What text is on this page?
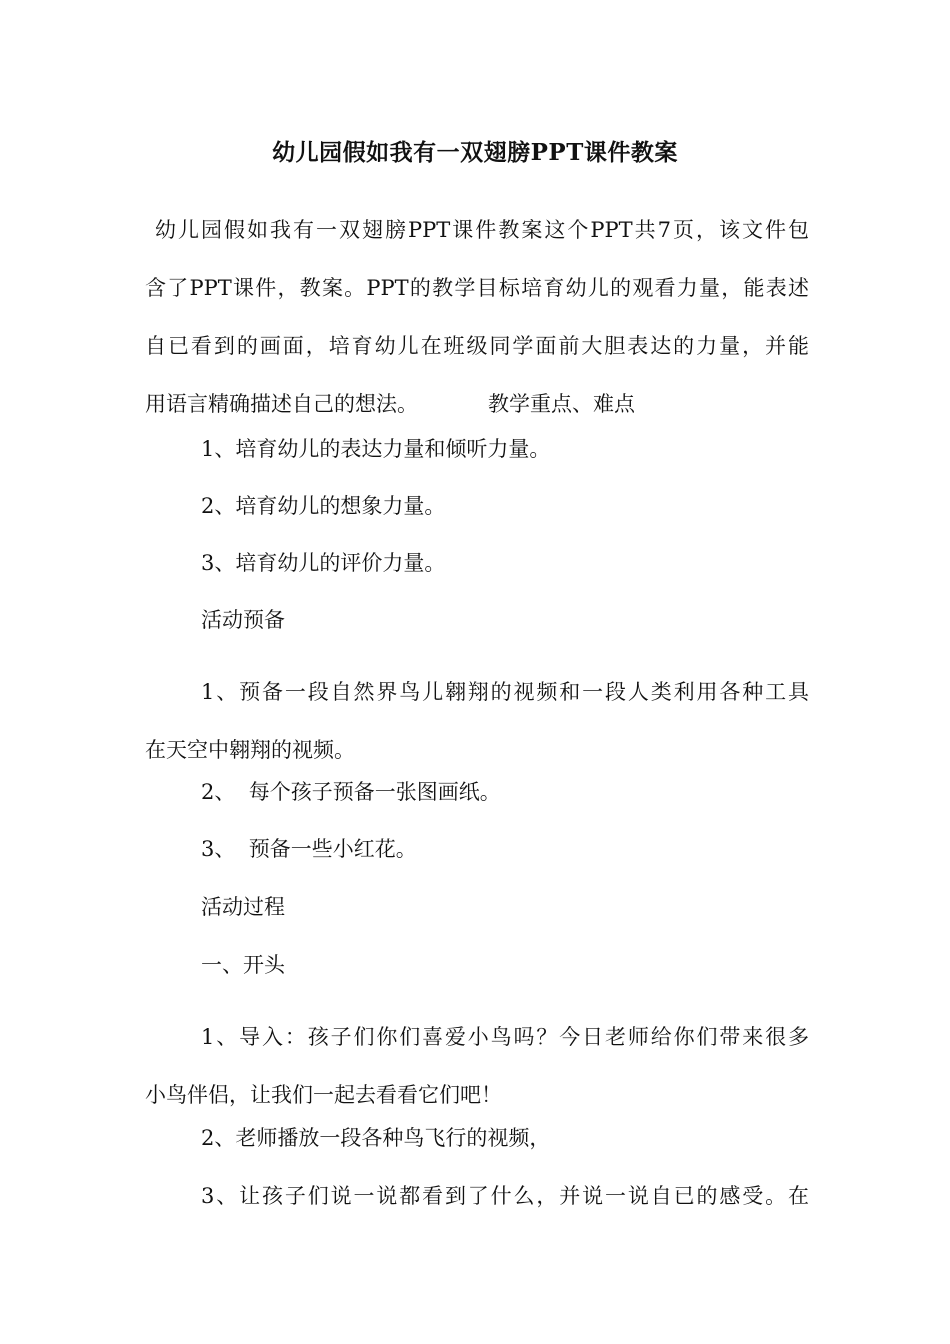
幼儿园假如我有一双翅膀PPT课件教案
幼儿园假如我有一双翅膀PPT课件教案这个PPT共7页，该文件包
含了PPT课件，教案。PPT的教学目标培育幼儿的观看力量，能表述
自已看到的画面，培育幼儿在班级同学面前大胆表达的力量，并能
用语言精确描述自己的想法。	教学重点、难点
1、培育幼儿的表达力量和倾听力量。
2、培育幼儿的想象力量。
3、培育幼儿的评价力量。
活动预备
1、预备一段自然界鸟儿翱翔的视频和一段人类利用各种工具
在天空中翱翔的视频。
2、  每个孩子预备一张图画纸。
3、  预备一些小红花。
活动过程
一、开头
1、导入：孩子们你们喜爱小鸟吗？今日老师给你们带来很多
小鸟伴侣，让我们一起去看看它们吧！
2、老师播放一段各种鸟飞行的视频，
3、让孩子们说一说都看到了什么，并说一说自已的感受。在
